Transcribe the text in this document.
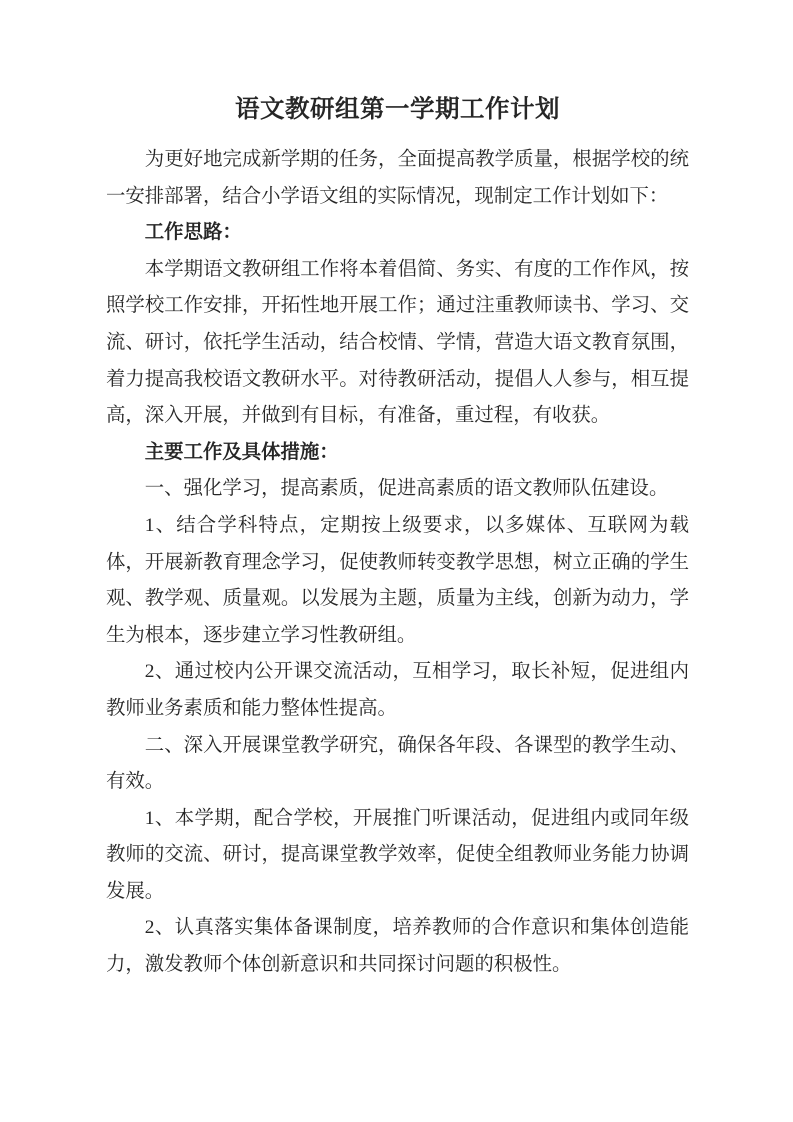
语文教研组第一学期工作计划

为更好地完成新学期的任务，全面提高教学质量，根据学校的统一安排部署，结合小学语文组的实际情况，现制定工作计划如下：

工作思路：

本学期语文教研组工作将本着倡简、务实、有度的工作作风，按照学校工作安排，开拓性地开展工作；通过注重教师读书、学习、交流、研讨，依托学生活动，结合校情、学情，营造大语文教育氛围，着力提高我校语文教研水平。对待教研活动，提倡人人参与，相互提高，深入开展，并做到有目标，有准备，重过程，有收获。

主要工作及具体措施：

一、强化学习，提高素质，促进高素质的语文教师队伍建设。

1、结合学科特点，定期按上级要求，以多媒体、互联网为载体，开展新教育理念学习，促使教师转变教学思想，树立正确的学生观、教学观、质量观。以发展为主题，质量为主线，创新为动力，学生为根本，逐步建立学习性教研组。

2、通过校内公开课交流活动，互相学习，取长补短，促进组内教师业务素质和能力整体性提高。

二、深入开展课堂教学研究，确保各年段、各课型的教学生动、有效。

1、本学期，配合学校，开展推门听课活动，促进组内或同年级教师的交流、研讨，提高课堂教学效率，促使全组教师业务能力协调发展。

2、认真落实集体备课制度，培养教师的合作意识和集体创造能力，激发教师个体创新意识和共同探讨问题的积极性。
